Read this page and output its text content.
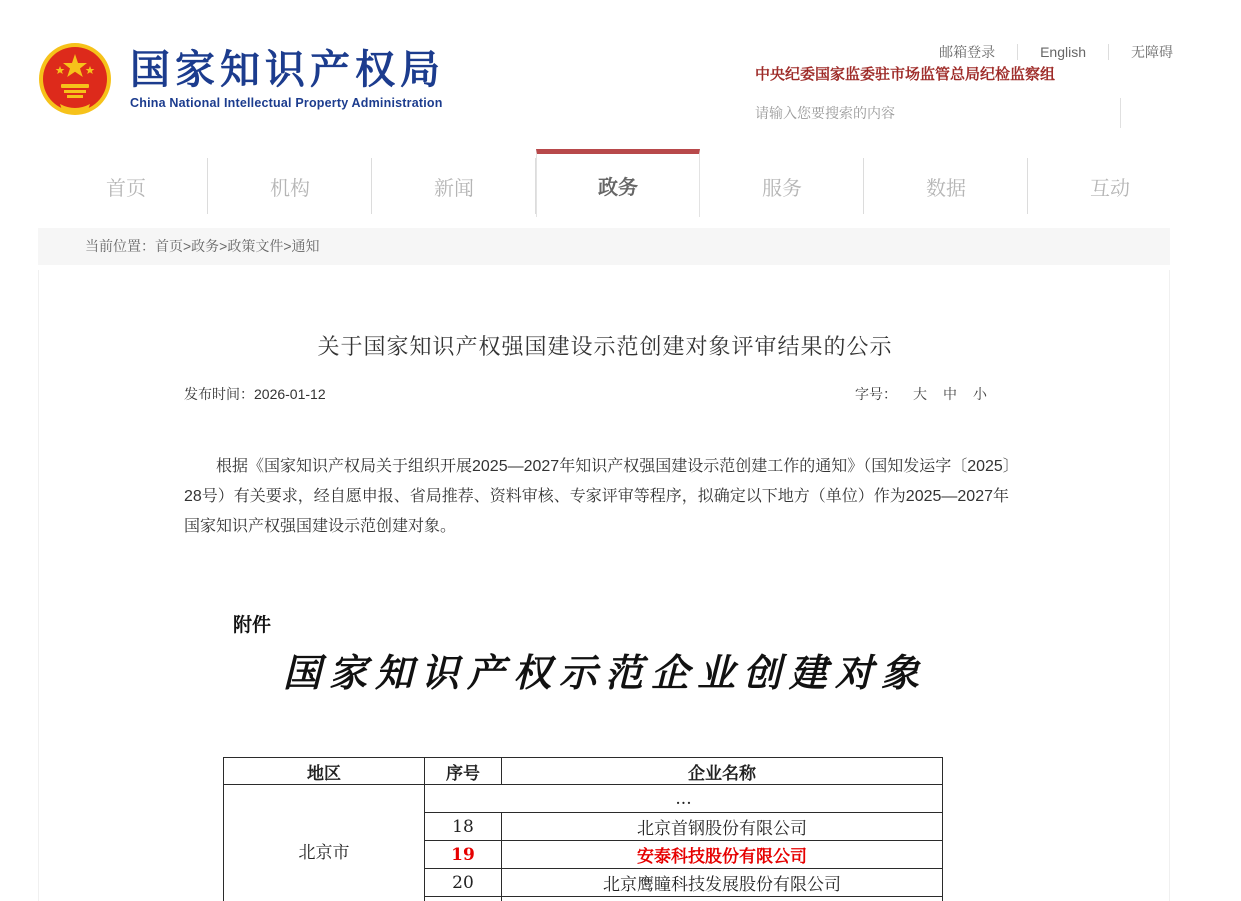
国家知识产权局
China National Intellectual Property Administration
邮箱登录	English	无障碍
中央纪委国家监委驻市场监管总局纪检监察组
请输入您要搜索的内容
首页	机构	新闻	政务	服务	数据	互动
当前位置：首页>政务>政策文件>通知
关于国家知识产权强国建设示范创建对象评审结果的公示
发布时间：2026-01-12	字号： 大 中 小
根据《国家知识产权局关于组织开展2025—2027年知识产权强国建设示范创建工作的通知》（国知发运字〔2025〕28号）有关要求，经自愿申报、省局推荐、资料审核、专家评审等程序，拟确定以下地方（单位）作为2025—2027年国家知识产权强国建设示范创建对象。
附件
国家知识产权示范企业创建对象
地区	序号	企业名称
北京市	...	
	18	北京首钢股份有限公司
	19	安泰科技股份有限公司
	20	北京鹰瞳科技发展股份有限公司
